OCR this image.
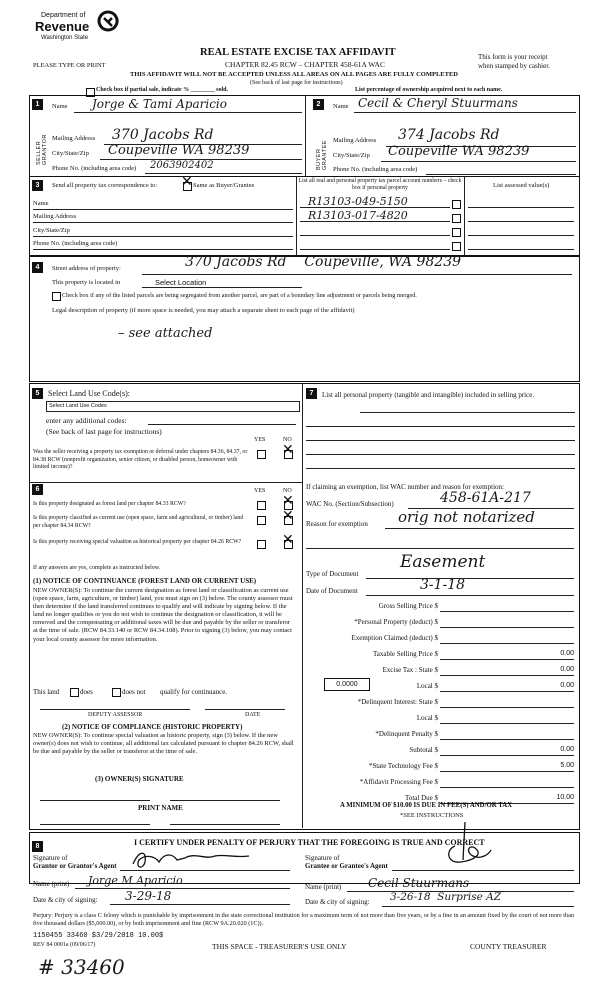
Department of
Revenue
Washington State
PLEASE TYPE OR PRINT
REAL ESTATE EXCISE TAX AFFIDAVIT
CHAPTER 82.45 RCW – CHAPTER 458-61A WAC
THIS AFFIDAVIT WILL NOT BE ACCEPTED UNLESS ALL AREAS ON ALL PAGES ARE FULLY COMPLETED
(See back of last page for instructions)
This form is your receipt
when stamped by cashier.
Check box if partial sale, indicate % ________ sold.	List percentage of ownership acquired next to each name.
1
SELLER GRANTOR
Name Jorge & Tami Aparicio
Mailing Address 370 Jacobs Rd
City/State/Zip Coupeville WA 98239
Phone No. (including area code) 2063902402
2
BUYER GRANTEE
Name Cecil & Cheryl Stuurmans
Mailing Address 374 Jacobs Rd
City/State/Zip Coupeville WA 98239
Phone No. (including area code)
3	Send all property tax correspondence to: ✕ Same as Buyer/Grantee
Name
Mailing Address
City/State/Zip
Phone No. (including area code)
List all real and personal property tax parcel account numbers – check box if personal property	List assessed value(s)
R13103-049-5150
R13103-017-4820
4	Street address of property:	370 Jacobs Rd    Coupeville, WA 98239
This property is located in	Select Location
Check box if any of the listed parcels are being segregated from another parcel, are part of a boundary line adjustment or parcels being merged.
Legal description of property (if more space is needed, you may attach a separate sheet to each page of the affidavit)
– see attached
5	Select Land Use Code(s):
Select Land Use Codes
enter any additional codes:
(See back of last page for instructions)
YES	NO
Was the seller receiving a property tax exemption or deferral under chapters 84.36, 84.37, or 84.38 RCW (nonprofit organization, senior citizen, or disabled person, homeowner with limited income)?
✕
6	YES	NO
Is this property designated as forest land per chapter 84.33 RCW?	✕
Is this property classified as current use (open space, farm and agricultural, or timber) land per chapter 84.34 RCW?
✕
Is this property receiving special valuation as historical property per chapter 84.26 RCW?	✕
If any answers are yes, complete as instructed below.
(1) NOTICE OF CONTINUANCE (FOREST LAND OR CURRENT USE)
NEW OWNER(S): To continue the current designation as forest land or classification as current use (open space, farm, agriculture, or timber) land, you must sign on (3) below. The county assessor must then determine if the land transferred continues to qualify and will indicate by signing below. If the land no longer qualifies or you do not wish to continue the designation or classification, it will be removed and the compensating or additional taxes will be due and payable by the seller or transferor at the time of sale. (RCW 84.33.140 or RCW 84.34.108). Prior to signing (3) below, you may contact your local county assessor for more information.
This land	does	does not qualify for continuance.
DEPUTY ASSESSOR	DATE
(2) NOTICE OF COMPLIANCE (HISTORIC PROPERTY)
NEW OWNER(S): To continue special valuation as historic property, sign (3) below. If the new owner(s) does not wish to continue, all additional tax calculated pursuant to chapter 84.26 RCW, shall be due and payable by the seller or transferor at the time of sale.
(3) OWNER(S) SIGNATURE
PRINT NAME
7	List all personal property (tangible and intangible) included in selling price.
If claiming an exemption, list WAC number and reason for exemption:
WAC No. (Section/Subsection)	458-61A-217
Reason for exemption orig not notarized
Type of Document
Easement
Date of Document	3-1-18
Gross Selling Price $
*Personal Property (deduct) $
Exemption Claimed (deduct) $
Taxable Selling Price $	0.00
Excise Tax : State $	0.00
0.0000	Local $	0.00
*Delinquent Interest: State $
Local $
*Delinquent Penalty $
Subtotal $	0.00
*State Technology Fee $	5.00
*Affidavit Processing Fee $
Total Due $	10.00
A MINIMUM OF $10.00 IS DUE IN FEE(S) AND/OR TAX
*SEE INSTRUCTIONS
8	I CERTIFY UNDER PENALTY OF PERJURY THAT THE FOREGOING IS TRUE AND CORRECT
Signature of
Grantor or Grantor's Agent
Name (print) Jorge M Aparicio
Date & city of signing: 3-29-18
Signature of
Grantee or Grantee's Agent
Name (print) Cecil Stuurmans
Date & city of signing: 3-26-18  Surprise AZ
Perjury: Perjury is a class C felony which is punishable by imprisonment in the state correctional institution for a maximum term of not more than five years, or by a fine in an amount fixed by the court of not more than five thousand dollars ($5,000.00), or by both imprisonment and fine (RCW 9A.20.020 (1C)).
1150455 33460 $3/29/2018 10.00$
REV 84 0001a (09/06/17)	THIS SPACE - TREASURER'S USE ONLY	COUNTY TREASURER
# 33460
